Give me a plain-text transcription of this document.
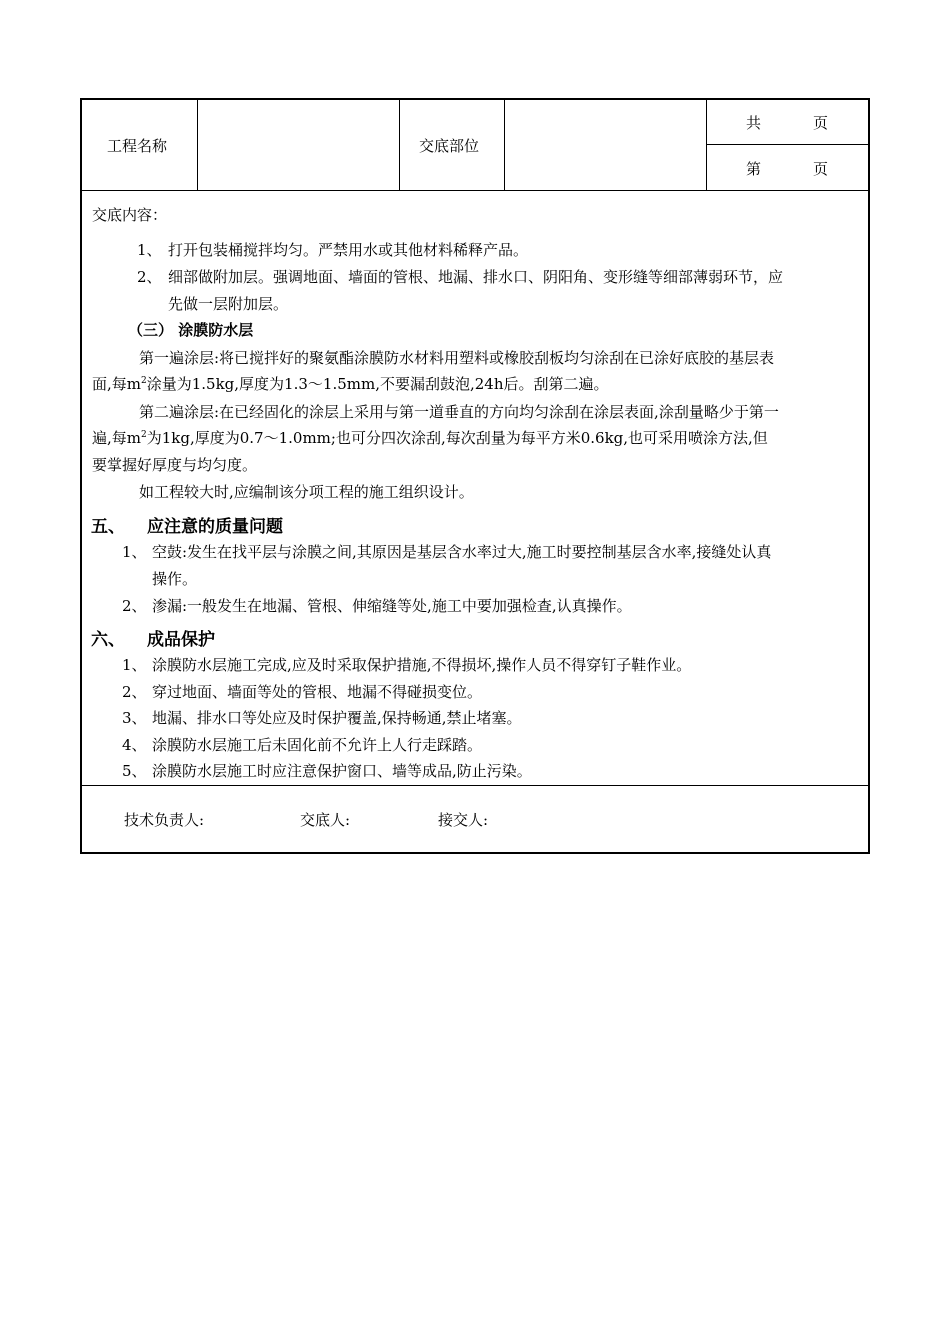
工程名称	交底部位
共	页
第	页
交底内容：
1、 打开包装桶搅拌均匀。严禁用水或其他材料稀释产品。
2、 细部做附加层。强调地面、墙面的管根、地漏、排水口、阴阳角、变形缝等细部薄弱环节，应
先做一层附加层。
（三） 涂膜防水层
第一遍涂层:将已搅拌好的聚氨酯涂膜防水材料用塑料或橡胶刮板均匀涂刮在已涂好底胶的基层表
面,每$m^2$涂量为1.5kg,厚度为1.3～1.5mm,不要漏刮鼓泡,24h后。刮第二遍。
第二遍涂层:在已经固化的涂层上采用与第一道垂直的方向均匀涂刮在涂层表面,涂刮量略少于第一
遍,每$m^2$为1kg,厚度为0.7～1.0mm;也可分四次涂刮,每次刮量为每平方米0.6kg,也可采用喷涂方法,但
要掌握好厚度与均匀度。
如工程较大时,应编制该分项工程的施工组织设计。
五、 应注意的质量问题
1、 空鼓:发生在找平层与涂膜之间,其原因是基层含水率过大,施工时要控制基层含水率,接缝处认真
操作。
2、 渗漏:一般发生在地漏、管根、伸缩缝等处,施工中要加强检查,认真操作。
六、 成品保护
1、 涂膜防水层施工完成,应及时采取保护措施,不得损坏,操作人员不得穿钉子鞋作业。
2、 穿过地面、墙面等处的管根、地漏不得碰损变位。
3、 地漏、排水口等处应及时保护覆盖,保持畅通,禁止堵塞。
4、 涂膜防水层施工后未固化前不允许上人行走踩踏。
5、 涂膜防水层施工时应注意保护窗口、墙等成品,防止污染。
技术负责人:	交底人:	接交人:
